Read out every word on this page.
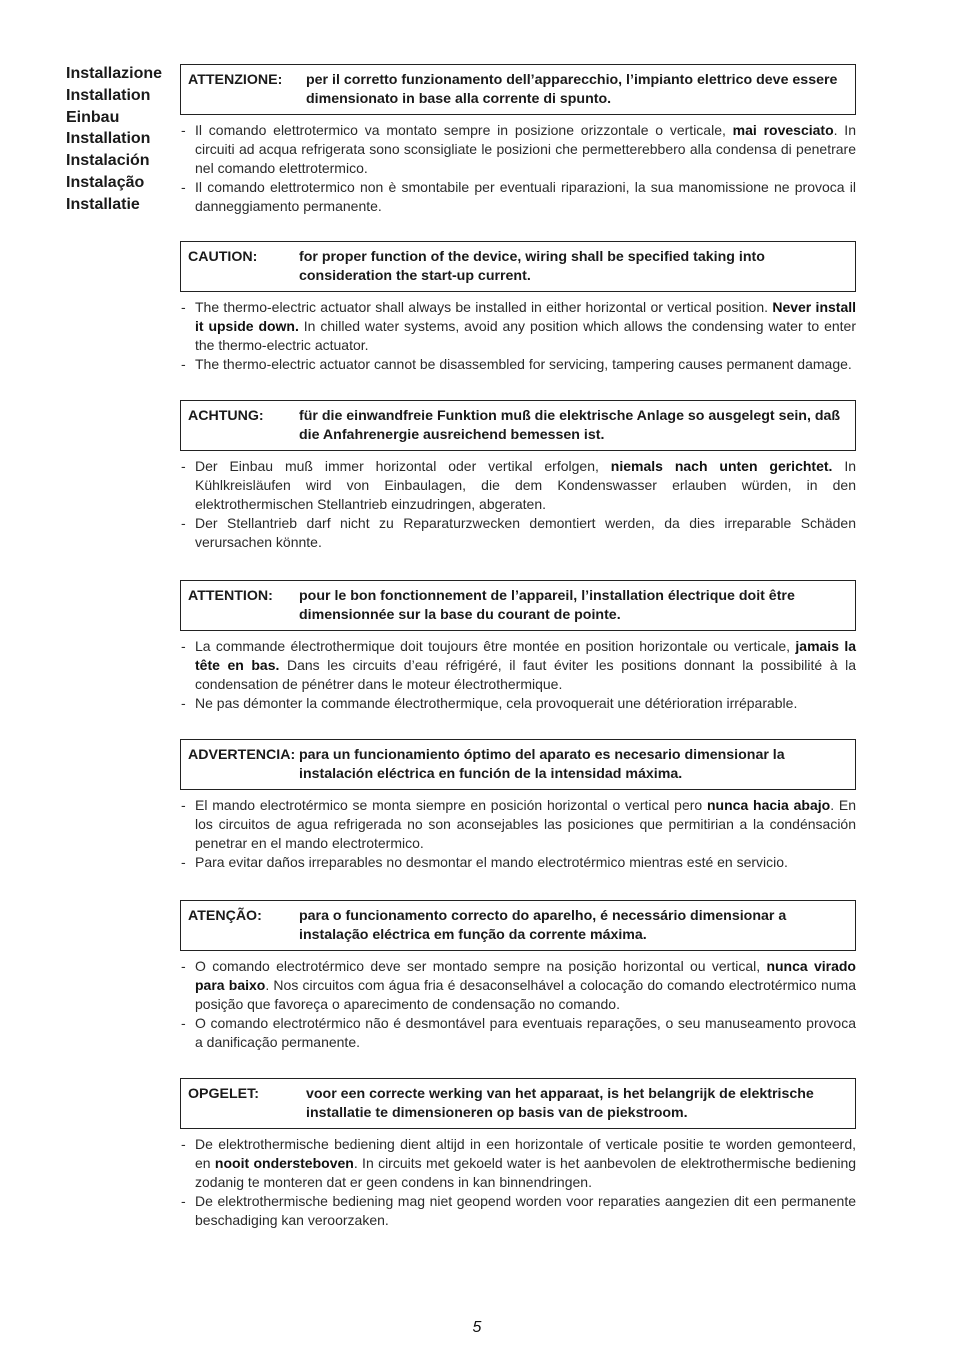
Installazione
Installation
Einbau
Installation
Instalación
Instalação
Installatie
ATTENZIONE:	per il corretto funzionamento dell’apparecchio, l’impianto elettrico deve essere dimensionato in base alla corrente di spunto.
- Il comando elettrotermico va montato sempre in posizione orizzontale o verticale, mai rovesciato. In circuiti ad acqua refrigerata sono sconsigliate le posizioni che permetterebbero alla condensa di penetrare nel comando elettrotermico.
- Il comando elettrotermico non è smontabile per eventuali riparazioni, la sua manomissione ne provoca il danneggiamento permanente.
CAUTION:	for proper function of the device, wiring shall be specified taking into consideration the start-up current.
- The thermo-electric actuator shall always be installed in either horizontal or vertical position. Never install it upside down. In chilled water systems, avoid any position which allows the condensing water to enter the thermo-electric actuator.
- The thermo-electric actuator cannot be disassembled for servicing, tampering causes permanent damage.
ACHTUNG:	für die einwandfreie Funktion muß die elektrische Anlage so ausgelegt sein, daß die Anfahrenergie ausreichend bemessen ist.
- Der Einbau muß immer horizontal oder vertikal erfolgen, niemals nach unten gerichtet. In Kühlkreisläufen wird von Einbaulagen, die dem Kondenswasser erlauben würden, in den elektrothermischen Stellantrieb einzudringen, abgeraten.
- Der Stellantrieb darf nicht zu Reparaturzwecken demontiert werden, da dies irreparable Schäden verursachen könnte.
ATTENTION:	pour le bon fonctionnement de l’appareil, l’installation électrique doit être dimensionnée sur la base du courant de pointe.
- La commande électrothermique doit toujours être montée en position horizontale ou verticale, jamais la tête en bas. Dans les circuits d’eau réfrigéré, il faut éviter les positions donnant la possibilité à la condensation de pénétrer dans le moteur électrothermique.
- Ne pas démonter la commande électrothermique, cela provoquerait une détérioration irréparable.
ADVERTENCIA: para un funcionamiento óptimo del aparato es necesario dimensionar la instalación eléctrica en función de la intensidad máxima.
- El mando electrotérmico se monta siempre en posición horizontal o vertical pero nunca hacia abajo. En los circuitos de agua refrigerada no son aconsejables las posiciones que permitirian a la condénsación penetrar en el mando electrotermico.
- Para evitar daños irreparables no desmontar el mando electrotérmico mientras esté en servicio.
ATENÇÃO:	para o funcionamento correcto do aparelho, é necessário dimensionar a instalação eléctrica em função da corrente máxima.
- O comando electrotérmico deve ser montado sempre na posição horizontal ou vertical, nunca virado para baixo. Nos circuitos com água fria é desaconselhável a colocação do comando electrotérmico numa posição que favoreça o aparecimento de condensação no comando.
- O comando electrotérmico não é desmontável para eventuais reparações, o seu manuseamento provoca a danificação permanente.
OPGELET:	voor een correcte werking van het apparaat, is het belangrijk de elektrische installatie te dimensioneren op basis van de piekstroom.
- De elektrothermische bediening dient altijd in een horizontale of verticale positie te worden gemonteerd, en nooit ondersteboven. In circuits met gekoeld water is het aanbevolen de elektrothermische bediening zodanig te monteren dat er geen condens in kan binnendringen.
- De elektrothermische bediening mag niet geopend worden voor reparaties aangezien dit een permanente beschadiging kan veroorzaken.
5
